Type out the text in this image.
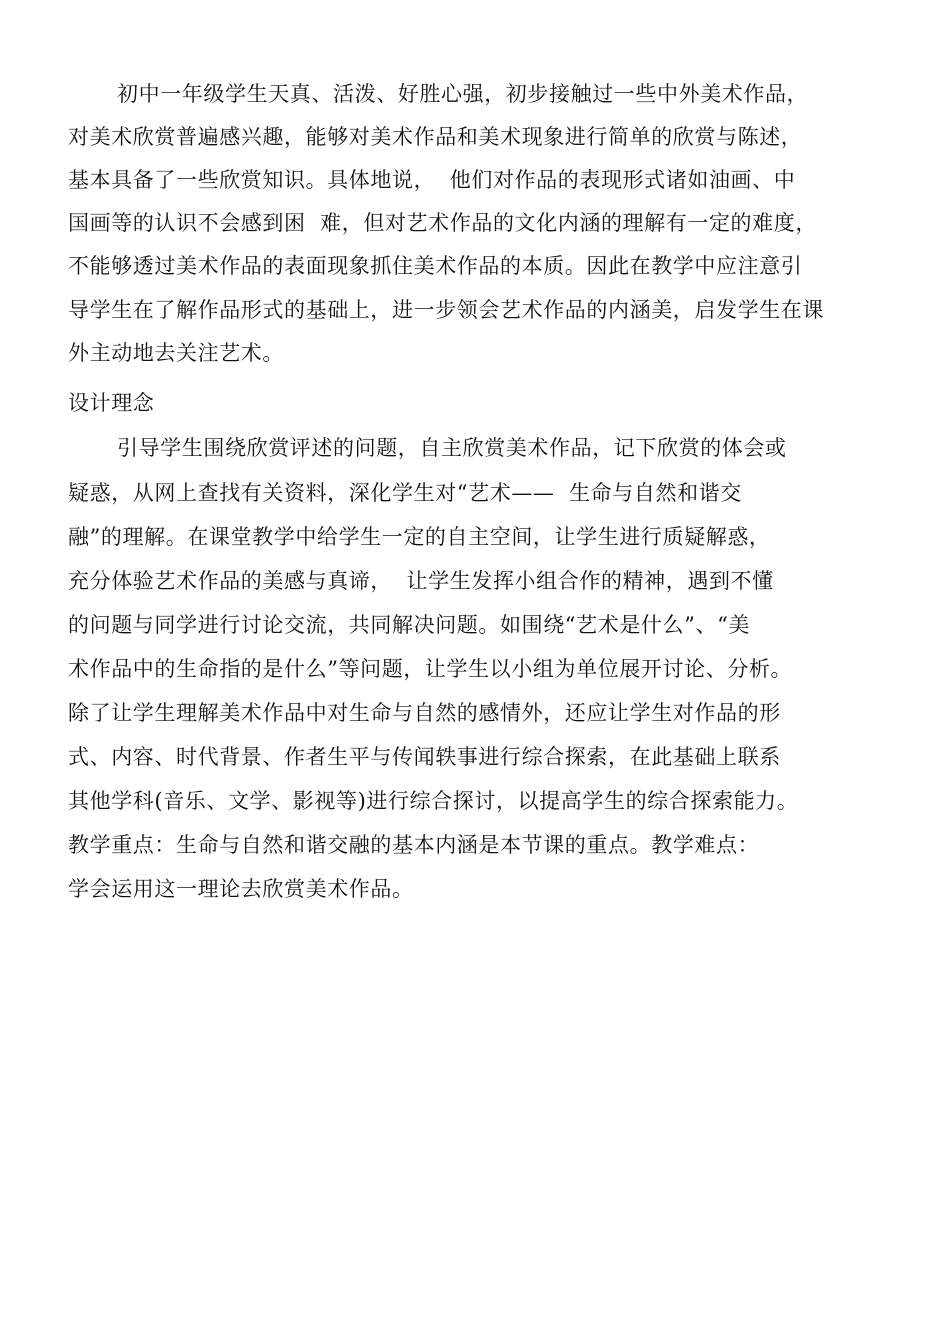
初中一年级学生天真、活泼、好胜心强，初步接触过一些中外美术作品，
对美术欣赏普遍感兴趣，能够对美术作品和美术现象进行简单的欣赏与陈述，
基本具备了一些欣赏知识。具体地说，  他们对作品的表现形式诸如油画、中
国画等的认识不会感到困  难，但对艺术作品的文化内涵的理解有一定的难度，
不能够透过美术作品的表面现象抓住美术作品的本质。因此在教学中应注意引
导学生在了解作品形式的基础上，进一步领会艺术作品的内涵美，启发学生在课
外主动地去关注艺术。
设计理念
引导学生围绕欣赏评述的问题，自主欣赏美术作品，记下欣赏的体会或
疑惑，从网上查找有关资料，深化学生对“艺术——  生命与自然和谐交
融”的理解。在课堂教学中给学生一定的自主空间，让学生进行质疑解惑，
充分体验艺术作品的美感与真谛，  让学生发挥小组合作的精神，遇到不懂
的问题与同学进行讨论交流，共同解决问题。如围绕“艺术是什么”、“美
术作品中的生命指的是什么”等问题，让学生以小组为单位展开讨论、分析。
除了让学生理解美术作品中对生命与自然的感情外，还应让学生对作品的形
式、内容、时代背景、作者生平与传闻轶事进行综合探索，在此基础上联系
其他学科(音乐、文学、影视等)进行综合探讨，以提高学生的综合探索能力。
教学重点：生命与自然和谐交融的基本内涵是本节课的重点。教学难点：
学会运用这一理论去欣赏美术作品。
